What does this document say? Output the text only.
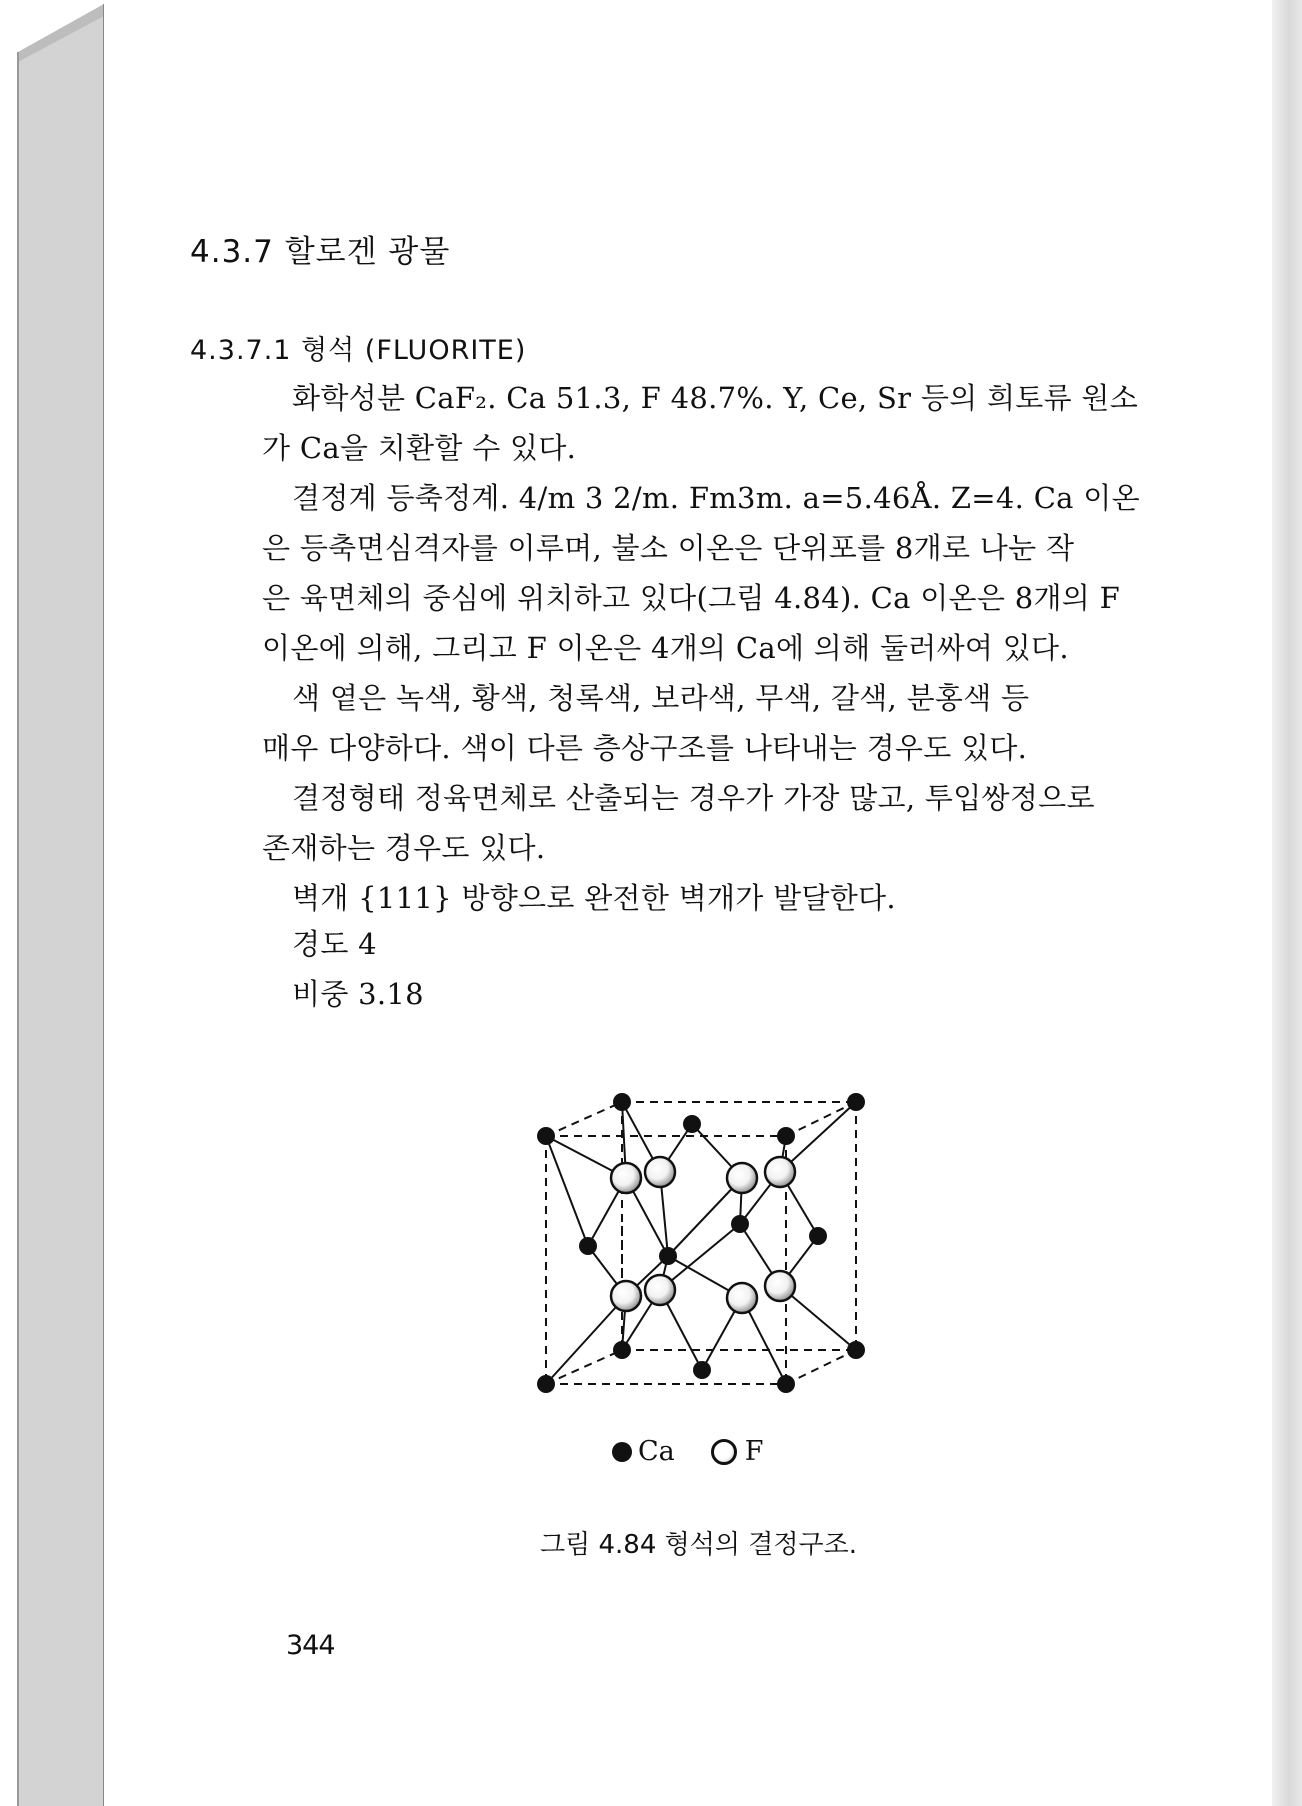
4.3.7 할로겐 광물
4.3.7.1 형석 (FLUORITE)
화학성분 CaF₂. Ca 51.3, F 48.7%. Y, Ce, Sr 등의 희토류 원소
가 Ca을 치환할 수 있다.
결정계 등축정계. 4/m 3 2/m. Fm3m. a=5.46Å. Z=4. Ca 이온
은 등축면심격자를 이루며, 불소 이온은 단위포를 8개로 나눈 작
은 육면체의 중심에 위치하고 있다(그림 4.84). Ca 이온은 8개의 F
이온에 의해, 그리고 F 이온은 4개의 Ca에 의해 둘러싸여 있다.
색 옅은 녹색, 황색, 청록색, 보라색, 무색, 갈색, 분홍색 등
매우 다양하다. 색이 다른 층상구조를 나타내는 경우도 있다.
결정형태 정육면체로 산출되는 경우가 가장 많고, 투입쌍정으로
존재하는 경우도 있다.
벽개 {111} 방향으로 완전한 벽개가 발달한다.
경도 4
비중 3.18
Ca	F
그림 4.84 형석의 결정구조.
344
